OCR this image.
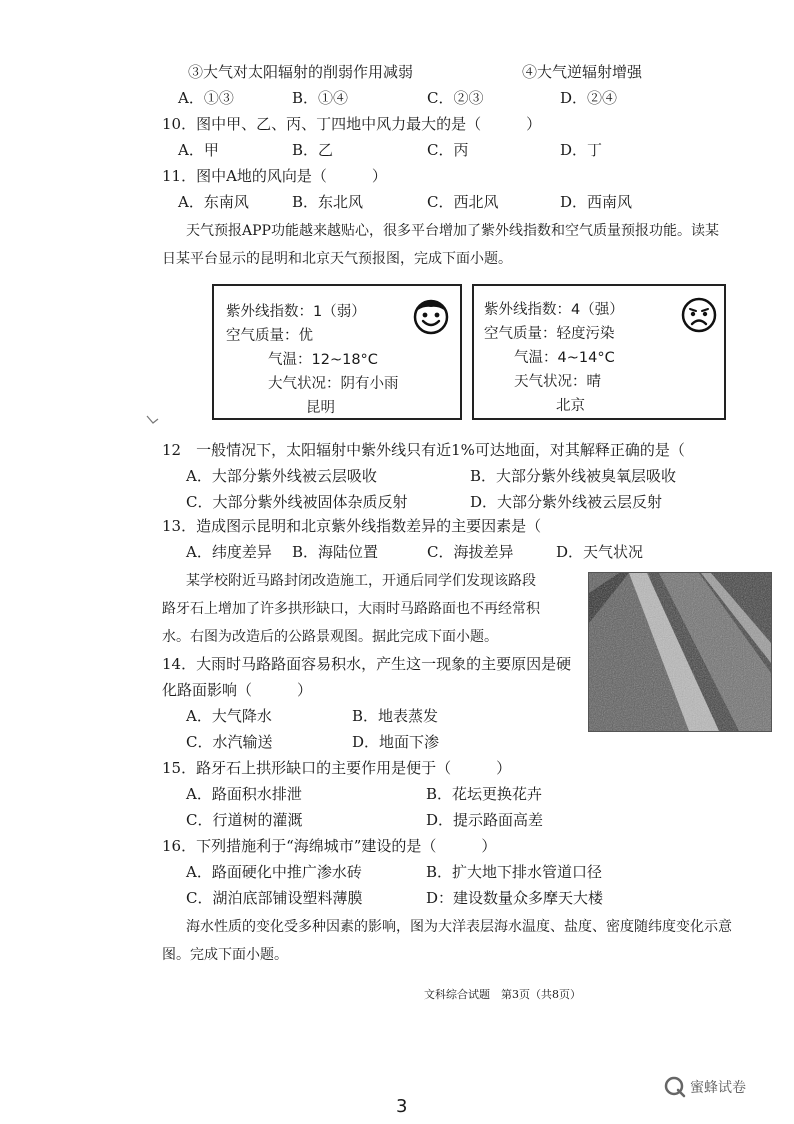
③大气对太阳辐射的削弱作用减弱	④大气逆辐射增强
A．①③	B．①④	C．②③	D．②④
10．图中甲、乙、丙、丁四地中风力最大的是（　　　）
A．甲	B．乙	C．丙	D．丁
11．图中A地的风向是（　　　）
A．东南风	B．东北风	C．西北风	D．西南风
天气预报APP功能越来越贴心，很多平台增加了紫外线指数和空气质量预报功能。读某
日某平台显示的昆明和北京天气预报图，完成下面小题。
紫外线指数：1（弱）
空气质量：优
气温：12~18°C
大气状况：阴有小雨
昆明
紫外线指数：4（强）
空气质量：轻度污染
气温：4~14°C
天气状况：晴
北京
12　一般情况下，太阳辐射中紫外线只有近1%可达地面，对其解释正确的是（
A．大部分紫外线被云层吸收	B．大部分紫外线被臭氧层吸收
C．大部分紫外线被固体杂质反射	D．大部分紫外线被云层反射
13．造成图示昆明和北京紫外线指数差异的主要因素是（
A．纬度差异 B．海陆位置	C．海拔差异	D．天气状况
某学校附近马路封闭改造施工，开通后同学们发现该路段
路牙石上增加了许多拱形缺口，大雨时马路路面也不再经常积
水。右图为改造后的公路景观图。据此完成下面小题。
14．大雨时马路路面容易积水，产生这一现象的主要原因是硬
化路面影响（　　　）
A．大气降水	B．地表蒸发
C．水汽输送	D．地面下渗
15．路牙石上拱形缺口的主要作用是便于（　　　）
A．路面积水排泄	B．花坛更换花卉
C．行道树的灌溉	D．提示路面高差
16．下列措施利于“海绵城市”建设的是（　　　）
A．路面硬化中推广渗水砖	B．扩大地下排水管道口径
C．湖泊底部铺设塑料薄膜	D：建设数量众多摩天大楼
海水性质的变化受多种因素的影响，图为大洋表层海水温度、盐度、密度随纬度变化示意
图。完成下面小题。
文科综合试题　第3页（共8页）
蜜蜂试卷
3
